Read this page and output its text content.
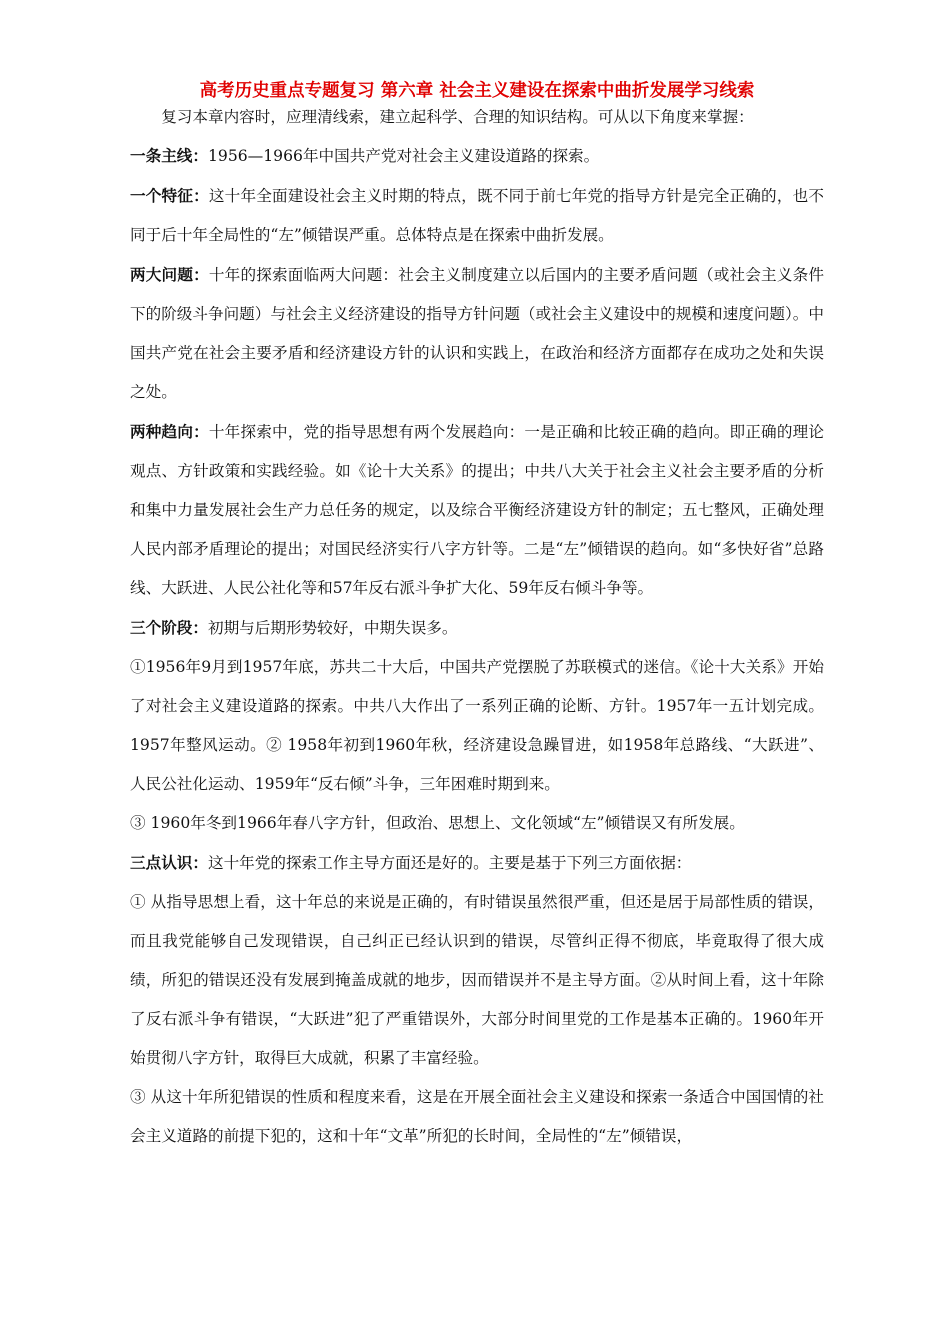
高考历史重点专题复习 第六章 社会主义建设在探索中曲折发展学习线索

复习本章内容时，应理清线索，建立起科学、合理的知识结构。可从以下角度来掌握：

一条主线：1956—1966年中国共产党对社会主义建设道路的探索。

一个特征：这十年全面建设社会主义时期的特点，既不同于前七年党的指导方针是完全正确的，也不同于后十年全局性的“左”倾错误严重。总体特点是在探索中曲折发展。

两大问题：十年的探索面临两大问题：社会主义制度建立以后国内的主要矛盾问题（或社会主义条件下的阶级斗争问题）与社会主义经济建设的指导方针问题（或社会主义建设中的规模和速度问题）。中国共产党在社会主要矛盾和经济建设方针的认识和实践上，在政治和经济方面都存在成功之处和失误之处。

两种趋向：十年探索中，党的指导思想有两个发展趋向：一是正确和比较正确的趋向。即正确的理论观点、方针政策和实践经验。如《论十大关系》的提出；中共八大关于社会主义社会主要矛盾的分析和集中力量发展社会生产力总任务的规定，以及综合平衡经济建设方针的制定；五七整风，正确处理人民内部矛盾理论的提出；对国民经济实行八字方针等。二是“左”倾错误的趋向。如“多快好省”总路线、大跃进、人民公社化等和57年反右派斗争扩大化、59年反右倾斗争等。

三个阶段：初期与后期形势较好，中期失误多。

①1956年9月到1957年底，苏共二十大后，中国共产党摆脱了苏联模式的迷信。《论十大关系》开始了对社会主义建设道路的探索。中共八大作出了一系列正确的论断、方针。1957年一五计划完成。1957年整风运动。② 1958年初到1960年秋，经济建设急躁冒进，如1958年总路线、“大跃进”、人民公社化运动、1959年“反右倾”斗争，三年困难时期到来。

③ 1960年冬到1966年春八字方针，但政治、思想上、文化领域“左”倾错误又有所发展。

三点认识：这十年党的探索工作主导方面还是好的。主要是基于下列三方面依据：

① 从指导思想上看，这十年总的来说是正确的，有时错误虽然很严重，但还是居于局部性质的错误，而且我党能够自己发现错误，自己纠正已经认识到的错误，尽管纠正得不彻底，毕竟取得了很大成绩，所犯的错误还没有发展到掩盖成就的地步，因而错误并不是主导方面。②从时间上看，这十年除了反右派斗争有错误，“大跃进”犯了严重错误外，大部分时间里党的工作是基本正确的。1960年开始贯彻八字方针，取得巨大成就，积累了丰富经验。

③ 从这十年所犯错误的性质和程度来看，这是在开展全面社会主义建设和探索一条适合中国国情的社会主义道路的前提下犯的，这和十年“文革”所犯的长时间，全局性的“左”倾错误，
